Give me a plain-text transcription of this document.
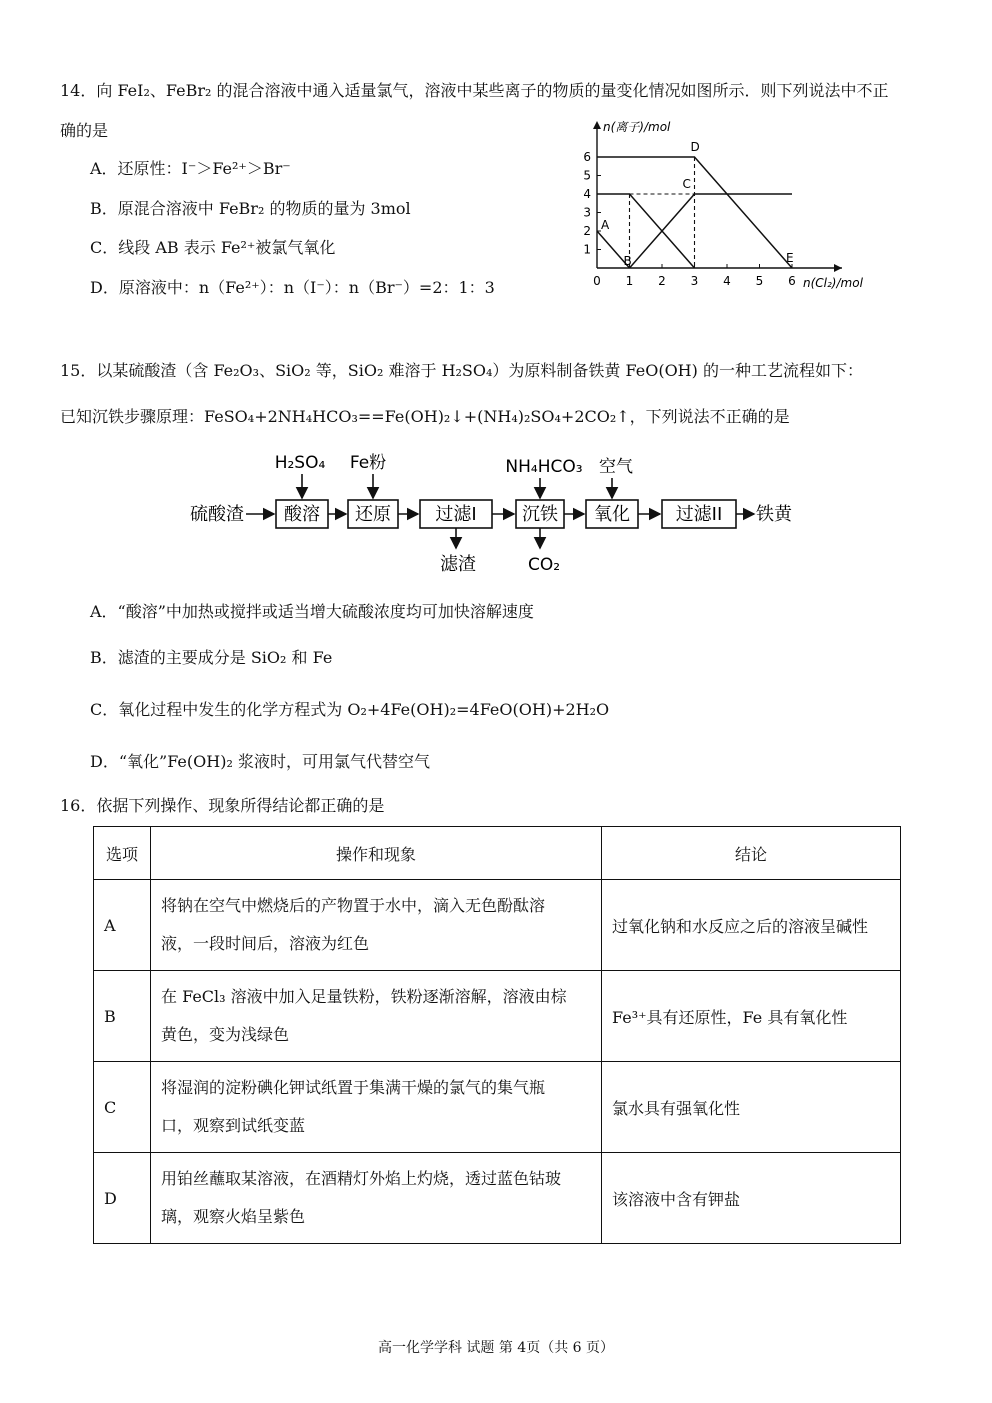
14．向 FeI₂、FeBr₂ 的混合溶液中通入适量氯气，溶液中某些离子的物质的量变化情况如图所示．则下列说法中不正
确的是
A．还原性：I⁻＞Fe²⁺＞Br⁻
B．原混合溶液中 FeBr₂ 的物质的量为 3mol
C．线段 AB 表示 Fe²⁺被氯气氧化
D．原溶液中：n（Fe²⁺）：n（I⁻）：n（Br⁻）=2：1：3	0 1 2 3 4 5 6
1
2
3
4
5
6
A
B
C
D
E
n(离子)/mol
n(Cl₂)/mol
15．以某硫酸渣（含 Fe₂O₃、SiO₂ 等，SiO₂ 难溶于 H₂SO₄）为原料制备铁黄 FeO(OH) 的一种工艺流程如下：
已知沉铁步骤原理：FeSO₄+2NH₄HCO₃==Fe(OH)₂↓+(NH₄)₂SO₄+2CO₂↑，下列说法不正确的是
硫酸渣 酸溶 还原 过滤I	沉铁 氧化	过滤II 铁黄
H₂SO₄ Fe粉	NH₄HCO₃ 空气
滤渣	CO₂
A．“酸溶”中加热或搅拌或适当增大硫酸浓度均可加快溶解速度
B．滤渣的主要成分是 SiO₂ 和 Fe
C．氧化过程中发生的化学方程式为 O₂+4Fe(OH)₂=4FeO(OH)+2H₂O
D．“氧化”Fe(OH)₂ 浆液时，可用氯气代替空气
16．依据下列操作、现象所得结论都正确的是
选项	操作和现象	结论
A	将钠在空气中燃烧后的产物置于水中，滴入无色酚酞溶
液，一段时间后，溶液为红色	过氧化钠和水反应之后的溶液呈碱性
B	在 FeCl₃ 溶液中加入足量铁粉，铁粉逐渐溶解，溶液由棕
黄色，变为浅绿色	Fe³⁺具有还原性，Fe 具有氧化性
C	将湿润的淀粉碘化钾试纸置于集满干燥的氯气的集气瓶
口，观察到试纸变蓝	氯水具有强氧化性
D	用铂丝蘸取某溶液，在酒精灯外焰上灼烧，透过蓝色钴玻
璃，观察火焰呈紫色	该溶液中含有钾盐
高一化学学科 试题 第 4页（共 6 页）
